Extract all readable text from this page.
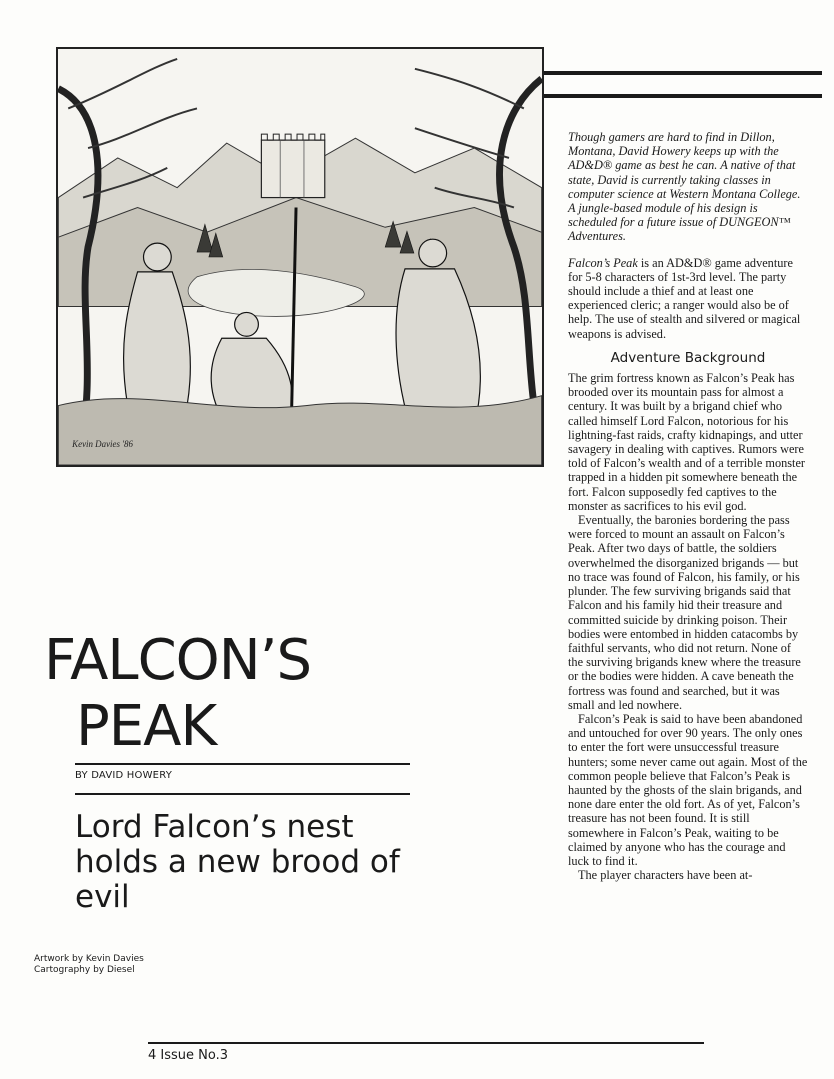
Kevin Davies '86

Though gamers are hard to find in Dillon, Montana, David Howery keeps up with the AD&D® game as best he can. A native of that state, David is currently taking classes in computer science at Western Montana College. A jungle-based module of his design is scheduled for a future issue of DUNGEON™ Adventures.

Falcon’s Peak is an AD&D® game adventure for 5-8 characters of 1st-3rd level. The party should include a thief and at least one experienced cleric; a ranger would also be of help. The use of stealth and silvered or magical weapons is advised.

Adventure Background

The grim fortress known as Falcon’s Peak has brooded over its mountain pass for almost a century. It was built by a brigand chief who called himself Lord Falcon, notorious for his lightning-fast raids, crafty kidnapings, and utter savagery in dealing with captives. Rumors were told of Falcon’s wealth and of a terrible monster trapped in a hidden pit somewhere beneath the fort. Falcon supposedly fed captives to the monster as sacrifices to his evil god.

Eventually, the baronies bordering the pass were forced to mount an assault on Falcon’s Peak. After two days of battle, the soldiers overwhelmed the disorganized brigands — but no trace was found of Falcon, his family, or his plunder. The few surviving brigands said that Falcon and his family hid their treasure and committed suicide by drinking poison. Their bodies were entombed in hidden catacombs by faithful servants, who did not return. None of the surviving brigands knew where the treasure or the bodies were hidden. A cave beneath the fortress was found and searched, but it was small and led nowhere.

Falcon’s Peak is said to have been abandoned and untouched for over 90 years. The only ones to enter the fort were unsuccessful treasure hunters; some never came out again. Most of the common people believe that Falcon’s Peak is haunted by the ghosts of the slain brigands, and none dare enter the old fort. As of yet, Falcon’s treasure has not been found. It is still somewhere in Falcon’s Peak, waiting to be claimed by anyone who has the courage and luck to find it.

The player characters have been at-

FALCON’S
PEAK
BY DAVID HOWERY
Lord Falcon’s nest holds a new brood of evil
Artwork by Kevin Davies
Cartography by Diesel
4 Issue No.3
